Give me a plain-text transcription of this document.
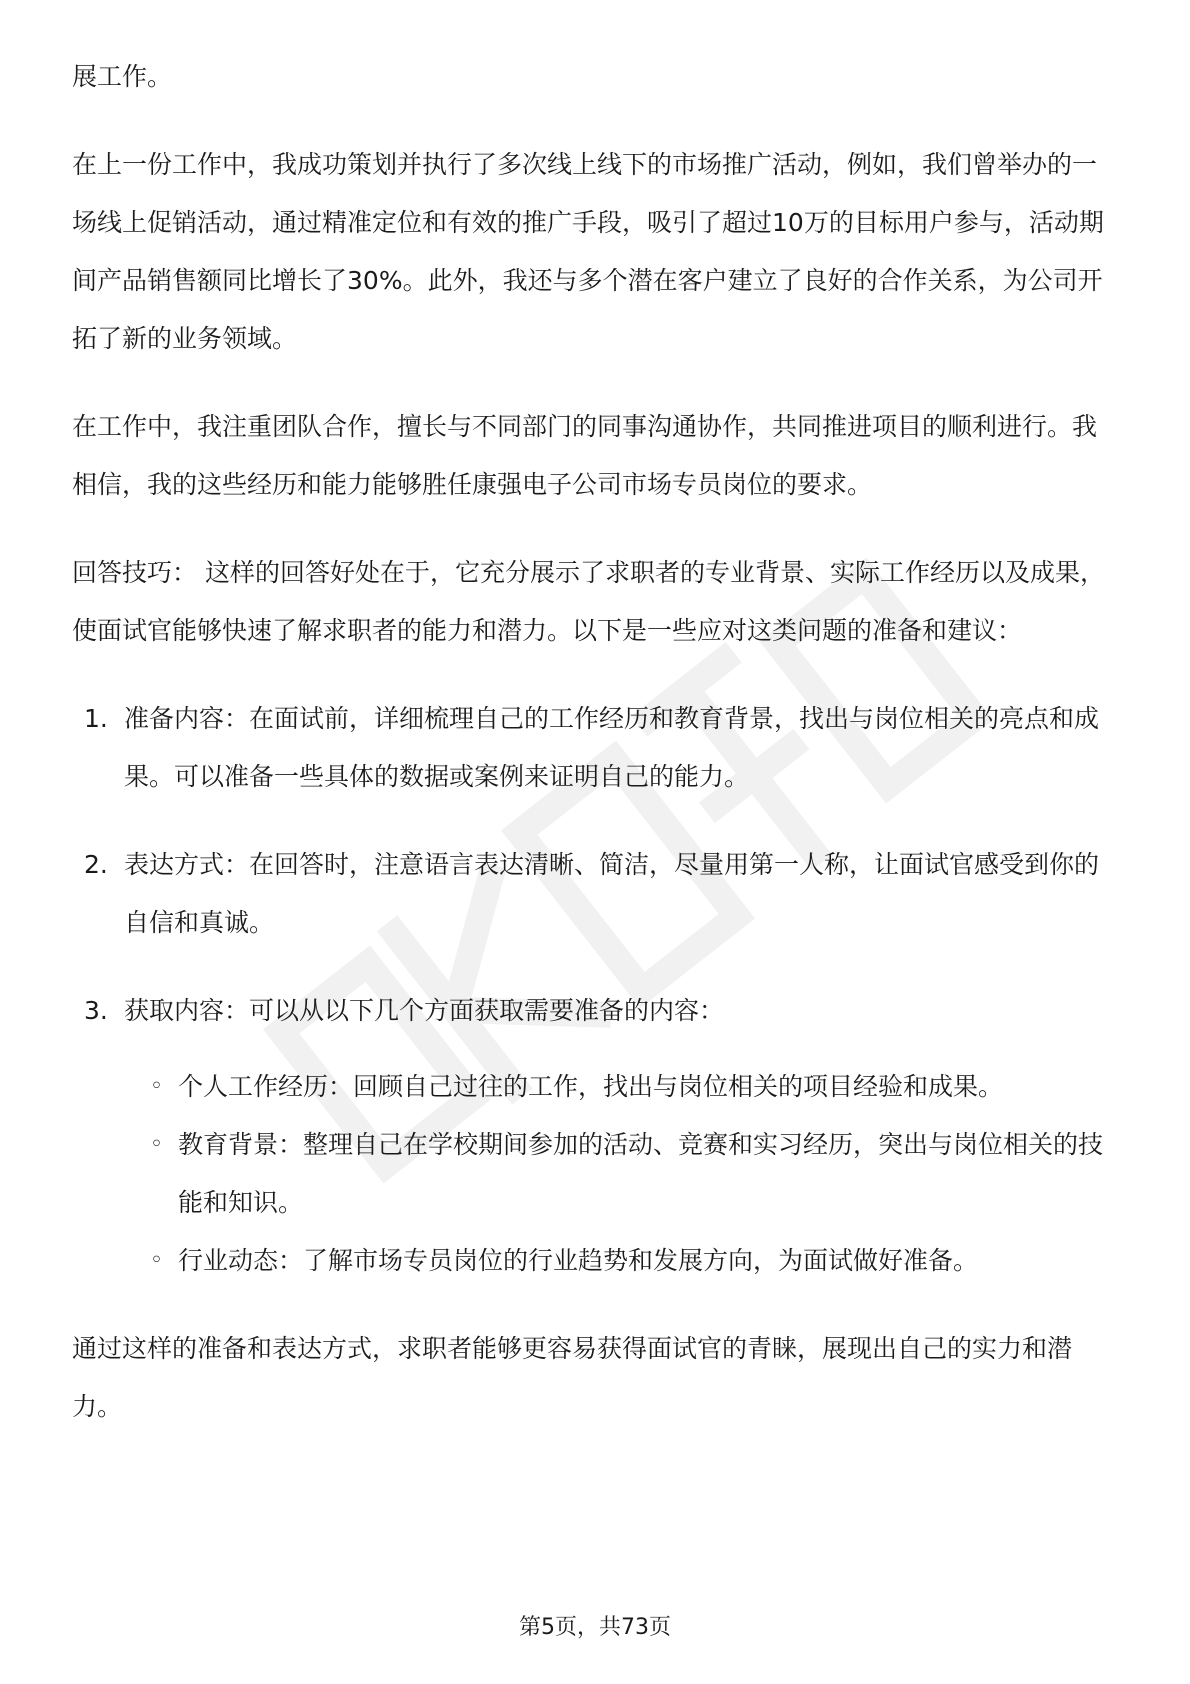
展工作。

在上一份工作中，我成功策划并执行了多次线上线下的市场推广活动，例如，我们曾举办的一场线上促销活动，通过精准定位和有效的推广手段，吸引了超过10万的目标用户参与，活动期间产品销售额同比增长了30%。此外，我还与多个潜在客户建立了良好的合作关系，为公司开拓了新的业务领域。

在工作中，我注重团队合作，擅长与不同部门的同事沟通协作，共同推进项目的顺利进行。我相信，我的这些经历和能力能够胜任康强电子公司市场专员岗位的要求。

回答技巧： 这样的回答好处在于，它充分展示了求职者的专业背景、实际工作经历以及成果，使面试官能够快速了解求职者的能力和潜力。以下是一些应对这类问题的准备和建议：

1. 准备内容：在面试前，详细梳理自己的工作经历和教育背景，找出与岗位相关的亮点和成果。可以准备一些具体的数据或案例来证明自己的能力。
2. 表达方式：在回答时，注意语言表达清晰、简洁，尽量用第一人称，让面试官感受到你的自信和真诚。
3. 获取内容：可以从以下几个方面获取需要准备的内容：
◦ 个人工作经历：回顾自己过往的工作，找出与岗位相关的项目经验和成果。
◦ 教育背景：整理自己在学校期间参加的活动、竞赛和实习经历，突出与岗位相关的技能和知识。
◦ 行业动态：了解市场专员岗位的行业趋势和发展方向，为面试做好准备。

通过这样的准备和表达方式，求职者能够更容易获得面试官的青睐，展现出自己的实力和潜力。

第5页，共73页
